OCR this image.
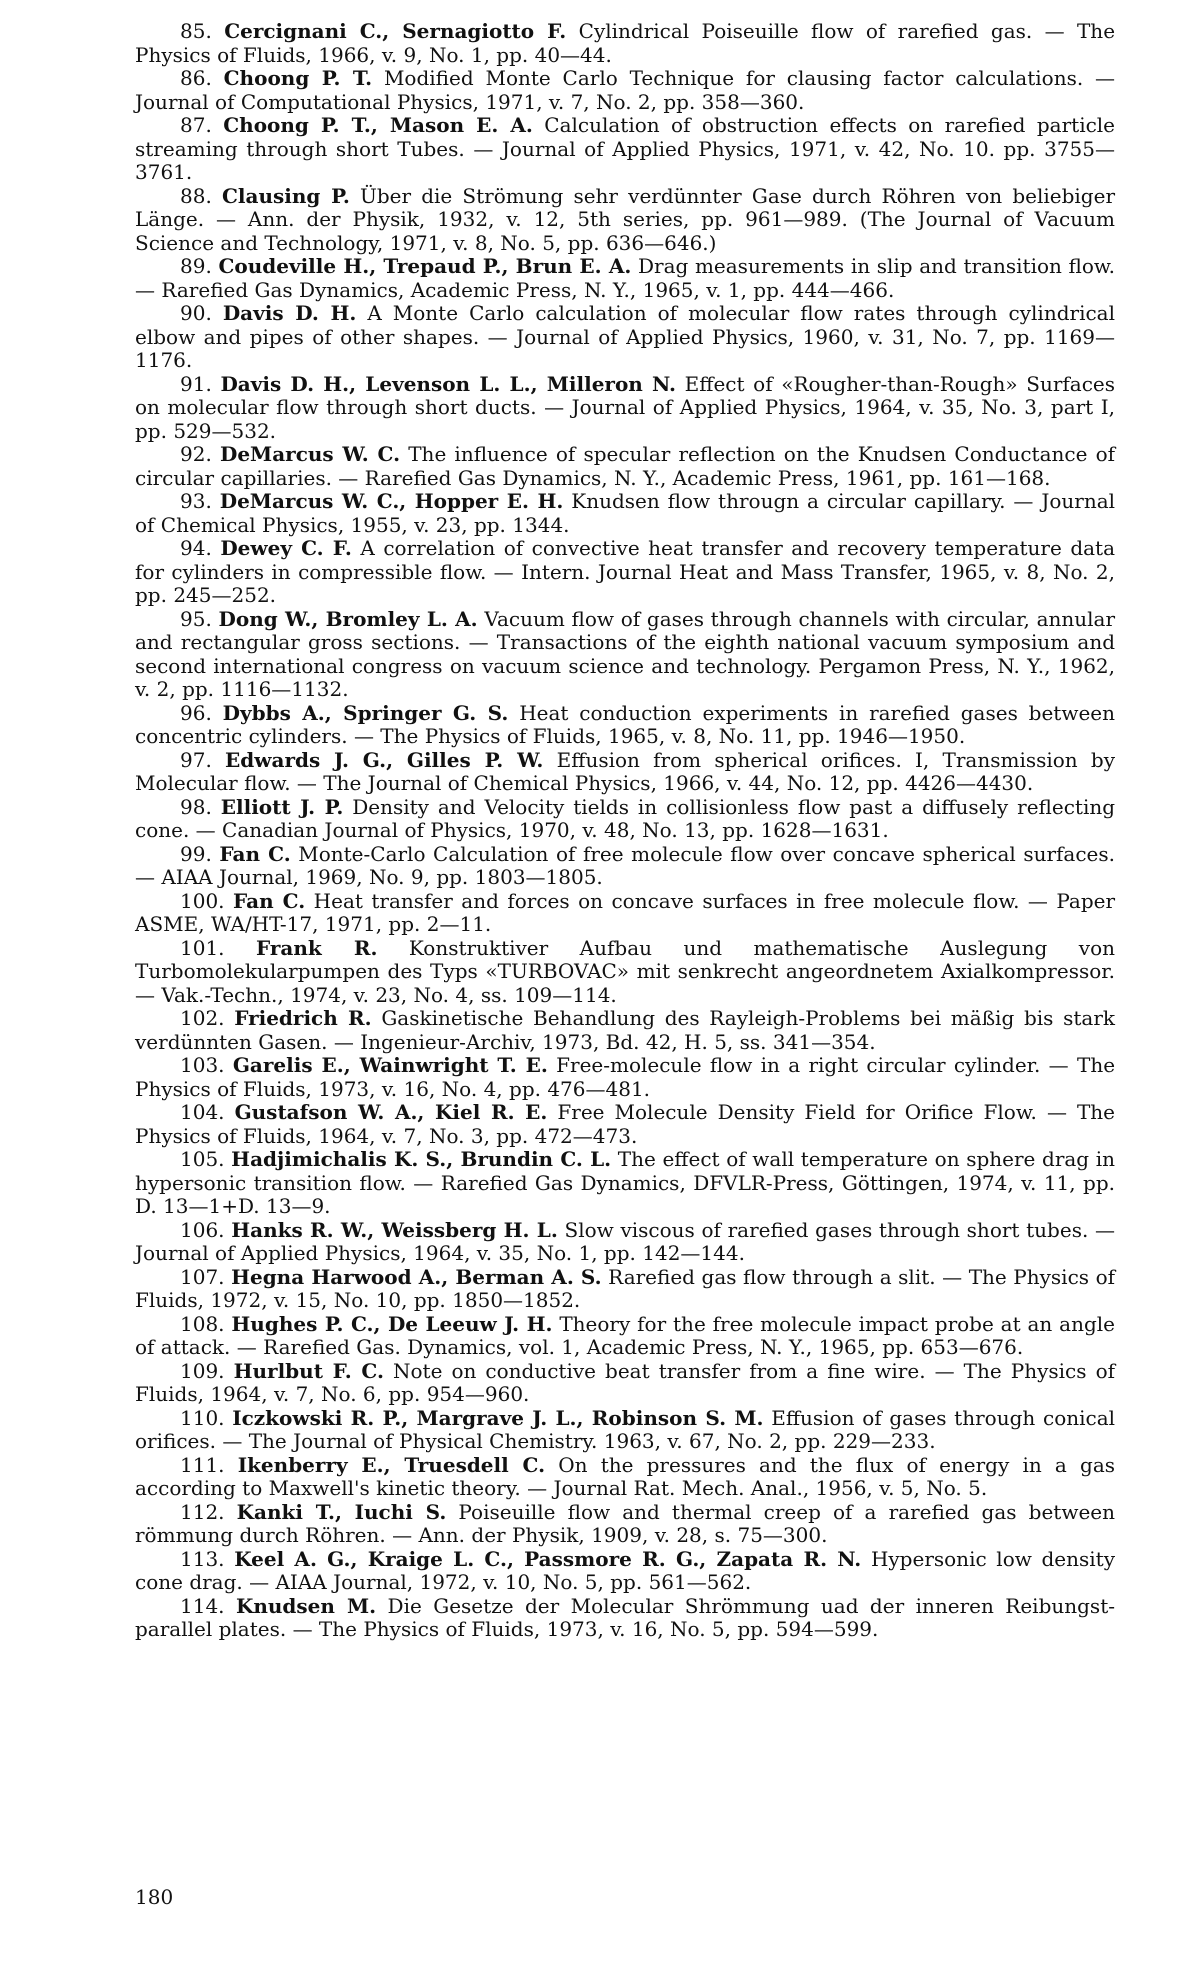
85. Cercignani C., Sernagiotto F. Cylindrical Poiseuille flow of rarefied gas. — The Physics of Fluids, 1966, v. 9, No. 1, pp. 40—44.

86. Choong P. T. Modified Monte Carlo Technique for clausing factor calculations. — Journal of Computational Physics, 1971, v. 7, No. 2, pp. 358—360.

87. Choong P. T., Mason E. A. Calculation of obstruction effects on rarefied particle streaming through short Tubes. — Journal of Applied Physics, 1971, v. 42, No. 10. pp. 3755—3761.

88. Clausing P. Über die Strömung sehr verdünnter Gase durch Röhren von beliebiger Länge. — Ann. der Physik, 1932, v. 12, 5th series, pp. 961—989. (The Journal of Vacuum Science and Technology, 1971, v. 8, No. 5, pp. 636—646.)

89. Coudeville H., Trepaud P., Brun E. A. Drag measurements in slip and transition flow. — Rarefied Gas Dynamics, Academic Press, N. Y., 1965, v. 1, pp. 444—466.

90. Davis D. H. A Monte Carlo calculation of molecular flow rates through cylindrical elbow and pipes of other shapes. — Journal of Applied Physics, 1960, v. 31, No. 7, pp. 1169—1176.

91. Davis D. H., Levenson L. L., Milleron N. Effect of «Rougher-than-Rough» Surfaces on molecular flow through short ducts. — Journal of Applied Physics, 1964, v. 35, No. 3, part I, pp. 529—532.

92. DeMarcus W. C. The influence of specular reflection on the Knudsen Conductance of circular capillaries. — Rarefied Gas Dynamics, N. Y., Academic Press, 1961, pp. 161—168.

93. DeMarcus W. C., Hopper E. H. Knudsen flow througn a circular capillary. — Journal of Chemical Physics, 1955, v. 23, pp. 1344.

94. Dewey C. F. A correlation of convective heat transfer and recovery temperature data for cylinders in compressible flow. — Intern. Journal Heat and Mass Transfer, 1965, v. 8, No. 2, pp. 245—252.

95. Dong W., Bromley L. A. Vacuum flow of gases through channels with circular, annular and rectangular gross sections. — Transactions of the eighth national vacuum symposium and second international congress on vacuum science and technology. Pergamon Press, N. Y., 1962, v. 2, pp. 1116—1132.

96. Dybbs A., Springer G. S. Heat conduction experiments in rarefied gases between concentric cylinders. — The Physics of Fluids, 1965, v. 8, No. 11, pp. 1946—1950.

97. Edwards J. G., Gilles P. W. Effusion from spherical orifices. I, Transmission by Molecular flow. — The Journal of Chemical Physics, 1966, v. 44, No. 12, pp. 4426—4430.

98. Elliott J. P. Density and Velocity tields in collisionless flow past a diffusely reflecting cone. — Canadian Journal of Physics, 1970, v. 48, No. 13, pp. 1628—1631.

99. Fan C. Monte-Carlo Calculation of free molecule flow over concave spherical surfaces. — AIAA Journal, 1969, No. 9, pp. 1803—1805.

100. Fan C. Heat transfer and forces on concave surfaces in free molecule flow. — Paper ASME, WA/HT-17, 1971, pp. 2—11.

101. Frank R. Konstruktiver Aufbau und mathematische Auslegung von Turbomolekularpumpen des Typs «TURBOVAC» mit senkrecht angeordnetem Axialkompressor. — Vak.-Techn., 1974, v. 23, No. 4, ss. 109—114.

102. Friedrich R. Gaskinetische Behandlung des Rayleigh-Problems bei mäßig bis stark verdünnten Gasen. — Ingenieur-Archiv, 1973, Bd. 42, H. 5, ss. 341—354.

103. Garelis E., Wainwright T. E. Free-molecule flow in a right circular cylinder. — The Physics of Fluids, 1973, v. 16, No. 4, pp. 476—481.

104. Gustafson W. A., Kiel R. E. Free Molecule Density Field for Orifice Flow. — The Physics of Fluids, 1964, v. 7, No. 3, pp. 472—473.

105. Hadjimichalis K. S., Brundin C. L. The effect of wall temperature on sphere drag in hypersonic transition flow. — Rarefied Gas Dynamics, DFVLR-Press, Göttingen, 1974, v. 11, pp. D. 13—1+D. 13—9.

106. Hanks R. W., Weissberg H. L. Slow viscous of rarefied gases through short tubes. — Journal of Applied Physics, 1964, v. 35, No. 1, pp. 142—144.

107. Hegna Harwood A., Berman A. S. Rarefied gas flow through a slit. — The Physics of Fluids, 1972, v. 15, No. 10, pp. 1850—1852.

108. Hughes P. C., De Leeuw J. H. Theory for the free molecule impact probe at an angle of attack. — Rarefied Gas. Dynamics, vol. 1, Academic Press, N. Y., 1965, pp. 653—676.

109. Hurlbut F. C. Note on conductive beat transfer from a fine wire. — The Physics of Fluids, 1964, v. 7, No. 6, pp. 954—960.

110. Iczkowski R. P., Margrave J. L., Robinson S. M. Effusion of gases through conical orifices. — The Journal of Physical Chemistry. 1963, v. 67, No. 2, pp. 229—233.

111. Ikenberry E., Truesdell C. On the pressures and the flux of energy in a gas according to Maxwell's kinetic theory. — Journal Rat. Mech. Anal., 1956, v. 5, No. 5.

112. Kanki T., Iuchi S. Poiseuille flow and thermal creep of a rarefied gas between römmung durch Röhren. — Ann. der Physik, 1909, v. 28, s. 75—300.

113. Keel A. G., Kraige L. C., Passmore R. G., Zapata R. N. Hypersonic low density cone drag. — AIAA Journal, 1972, v. 10, No. 5, pp. 561—562.

114. Knudsen M. Die Gesetze der Molecular Shrömmung uad der inneren Reibungst-parallel plates. — The Physics of Fluids, 1973, v. 16, No. 5, pp. 594—599.

180
